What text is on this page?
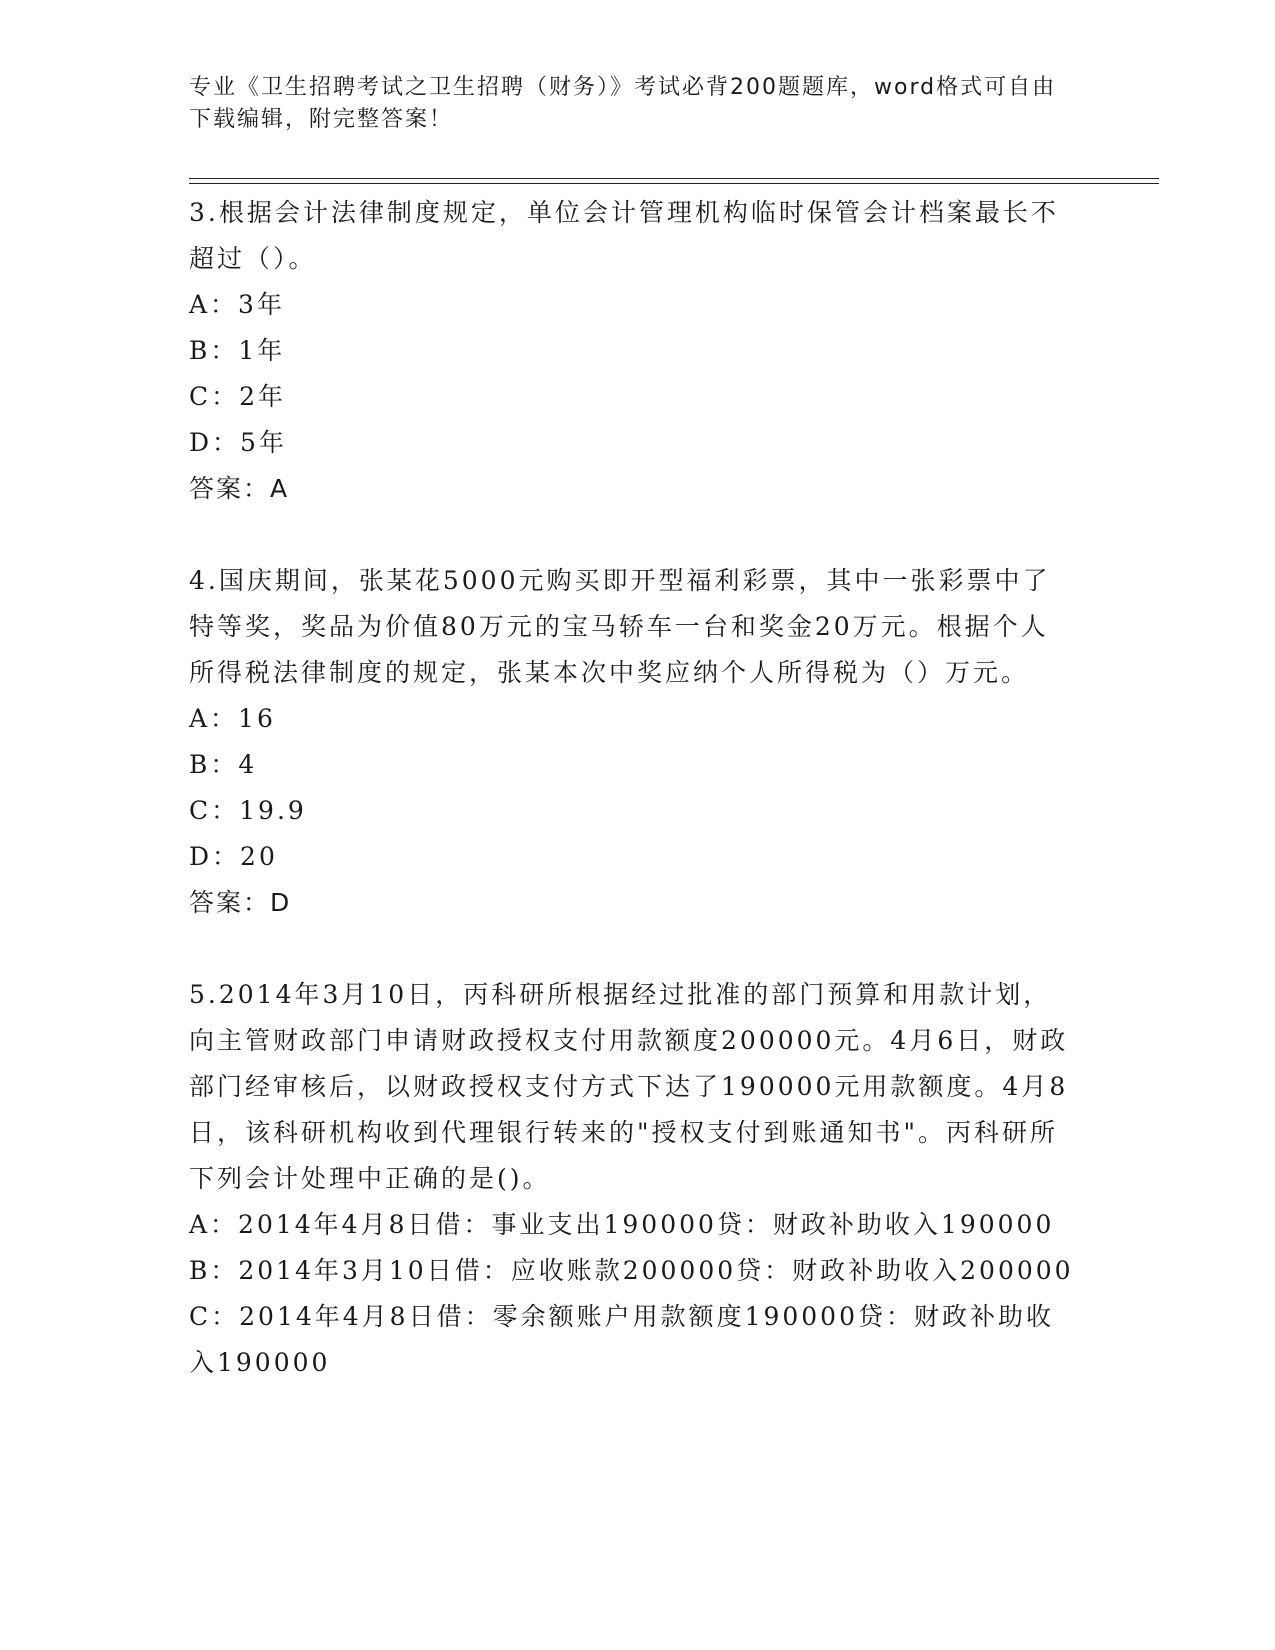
专业《卫生招聘考试之卫生招聘（财务）》考试必背200题题库，word格式可自由下载编辑，附完整答案！

3.根据会计法律制度规定，单位会计管理机构临时保管会计档案最长不超过（）。

A：3年

B：1年

C：2年

D：5年

答案：A

4.国庆期间，张某花5000元购买即开型福利彩票，其中一张彩票中了特等奖，奖品为价值80万元的宝马轿车一台和奖金20万元。根据个人所得税法律制度的规定，张某本次中奖应纳个人所得税为（）万元。

A：16

B：4

C：19.9

D：20

答案：D

5.2014年3月10日，丙科研所根据经过批准的部门预算和用款计划，向主管财政部门申请财政授权支付用款额度200000元。4月6日，财政部门经审核后，以财政授权支付方式下达了190000元用款额度。4月8日，该科研机构收到代理银行转来的"授权支付到账通知书"。丙科研所下列会计处理中正确的是()。

A：2014年4月8日借：事业支出190000贷：财政补助收入190000

B：2014年3月10日借：应收账款200000贷：财政补助收入200000

C：2014年4月8日借：零余额账户用款额度190000贷：财政补助收入190000
